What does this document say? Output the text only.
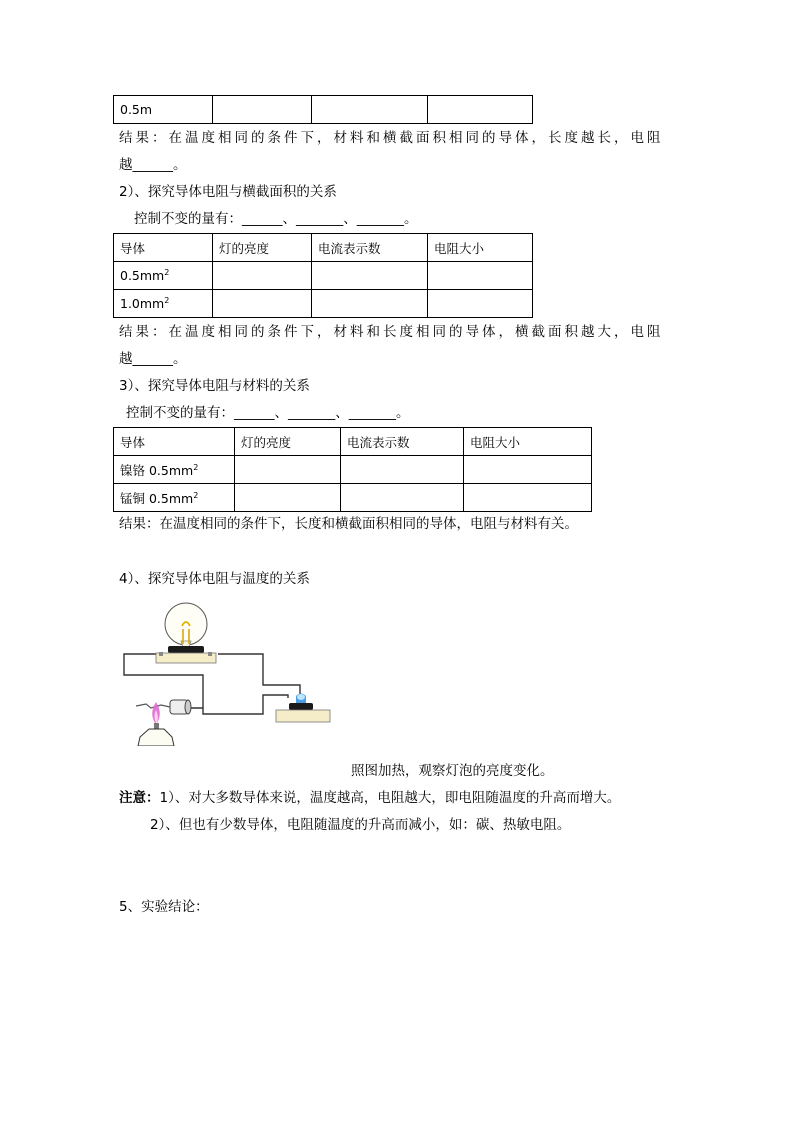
0.5m			
结果：在温度相同的条件下，材料和横截面积相同的导体，长度越长，电阻
越______。
2）、探究导体电阻与横截面积的关系
控制不变的量有：______、_______、_______。
导体	灯的亮度	电流表示数	电阻大小
$0.5mm^2$			
$1.0mm^2$			
结果：在温度相同的条件下，材料和长度相同的导体，横截面积越大，电阻
越______。
3）、探究导体电阻与材料的关系
控制不变的量有：______、_______、_______。
导体	灯的亮度	电流表示数	电阻大小
镍铬 $0.5mm^2$			
锰铜 $0.5mm^2$			
结果：在温度相同的条件下，长度和横截面积相同的导体，电阻与材料有关。
4）、探究导体电阻与温度的关系
照图加热，观察灯泡的亮度变化。
注意：1）、对大多数导体来说，温度越高，电阻越大，即电阻随温度的升高而增大。
2）、但也有少数导体，电阻随温度的升高而减小，如：碳、热敏电阻。
5、实验结论：
